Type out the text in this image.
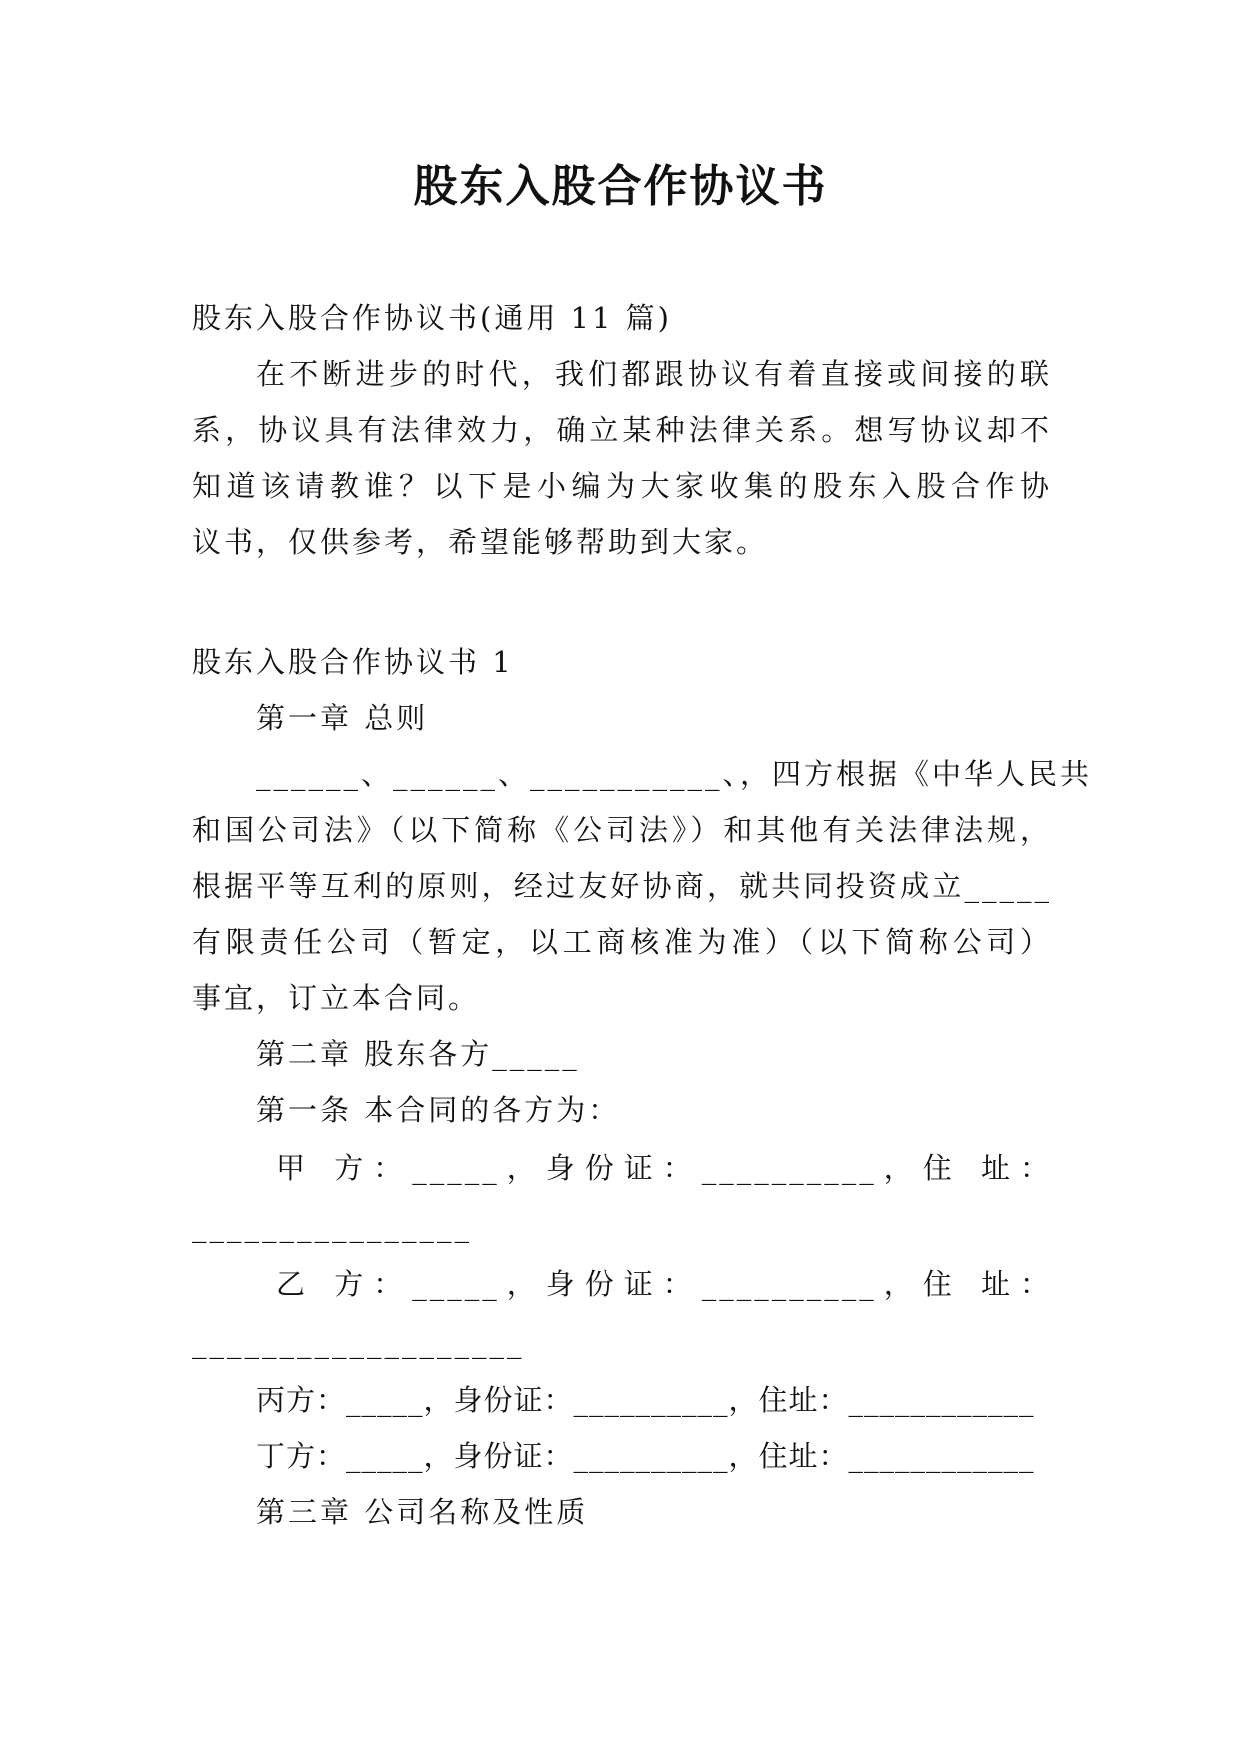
股东入股合作协议书
股东入股合作协议书(通用 11 篇)
在不断进步的时代，我们都跟协议有着直接或间接的联
系，协议具有法律效力，确立某种法律关系。想写协议却不
知道该请教谁？以下是小编为大家收集的股东入股合作协
议书，仅供参考，希望能够帮助到大家。
股东入股合作协议书 1
第一章 总则
______、______、___________、，四方根据《中华人民共
和国公司法》（以下简称《公司法》）和其他有关法律法规，
根据平等互利的原则，经过友好协商，就共同投资成立_____
有限责任公司（暂定，以工商核准为准）（以下简称公司）
事宜，订立本合同。
第二章 股东各方_____
第一条 本合同的各方为：
甲 方：_____，身份证：__________，住 址：
________________
乙 方：_____，身份证：__________，住 址：
___________________
丙方：_____，身份证：__________，住址：____________
丁方：_____，身份证：__________，住址：____________
第三章 公司名称及性质
